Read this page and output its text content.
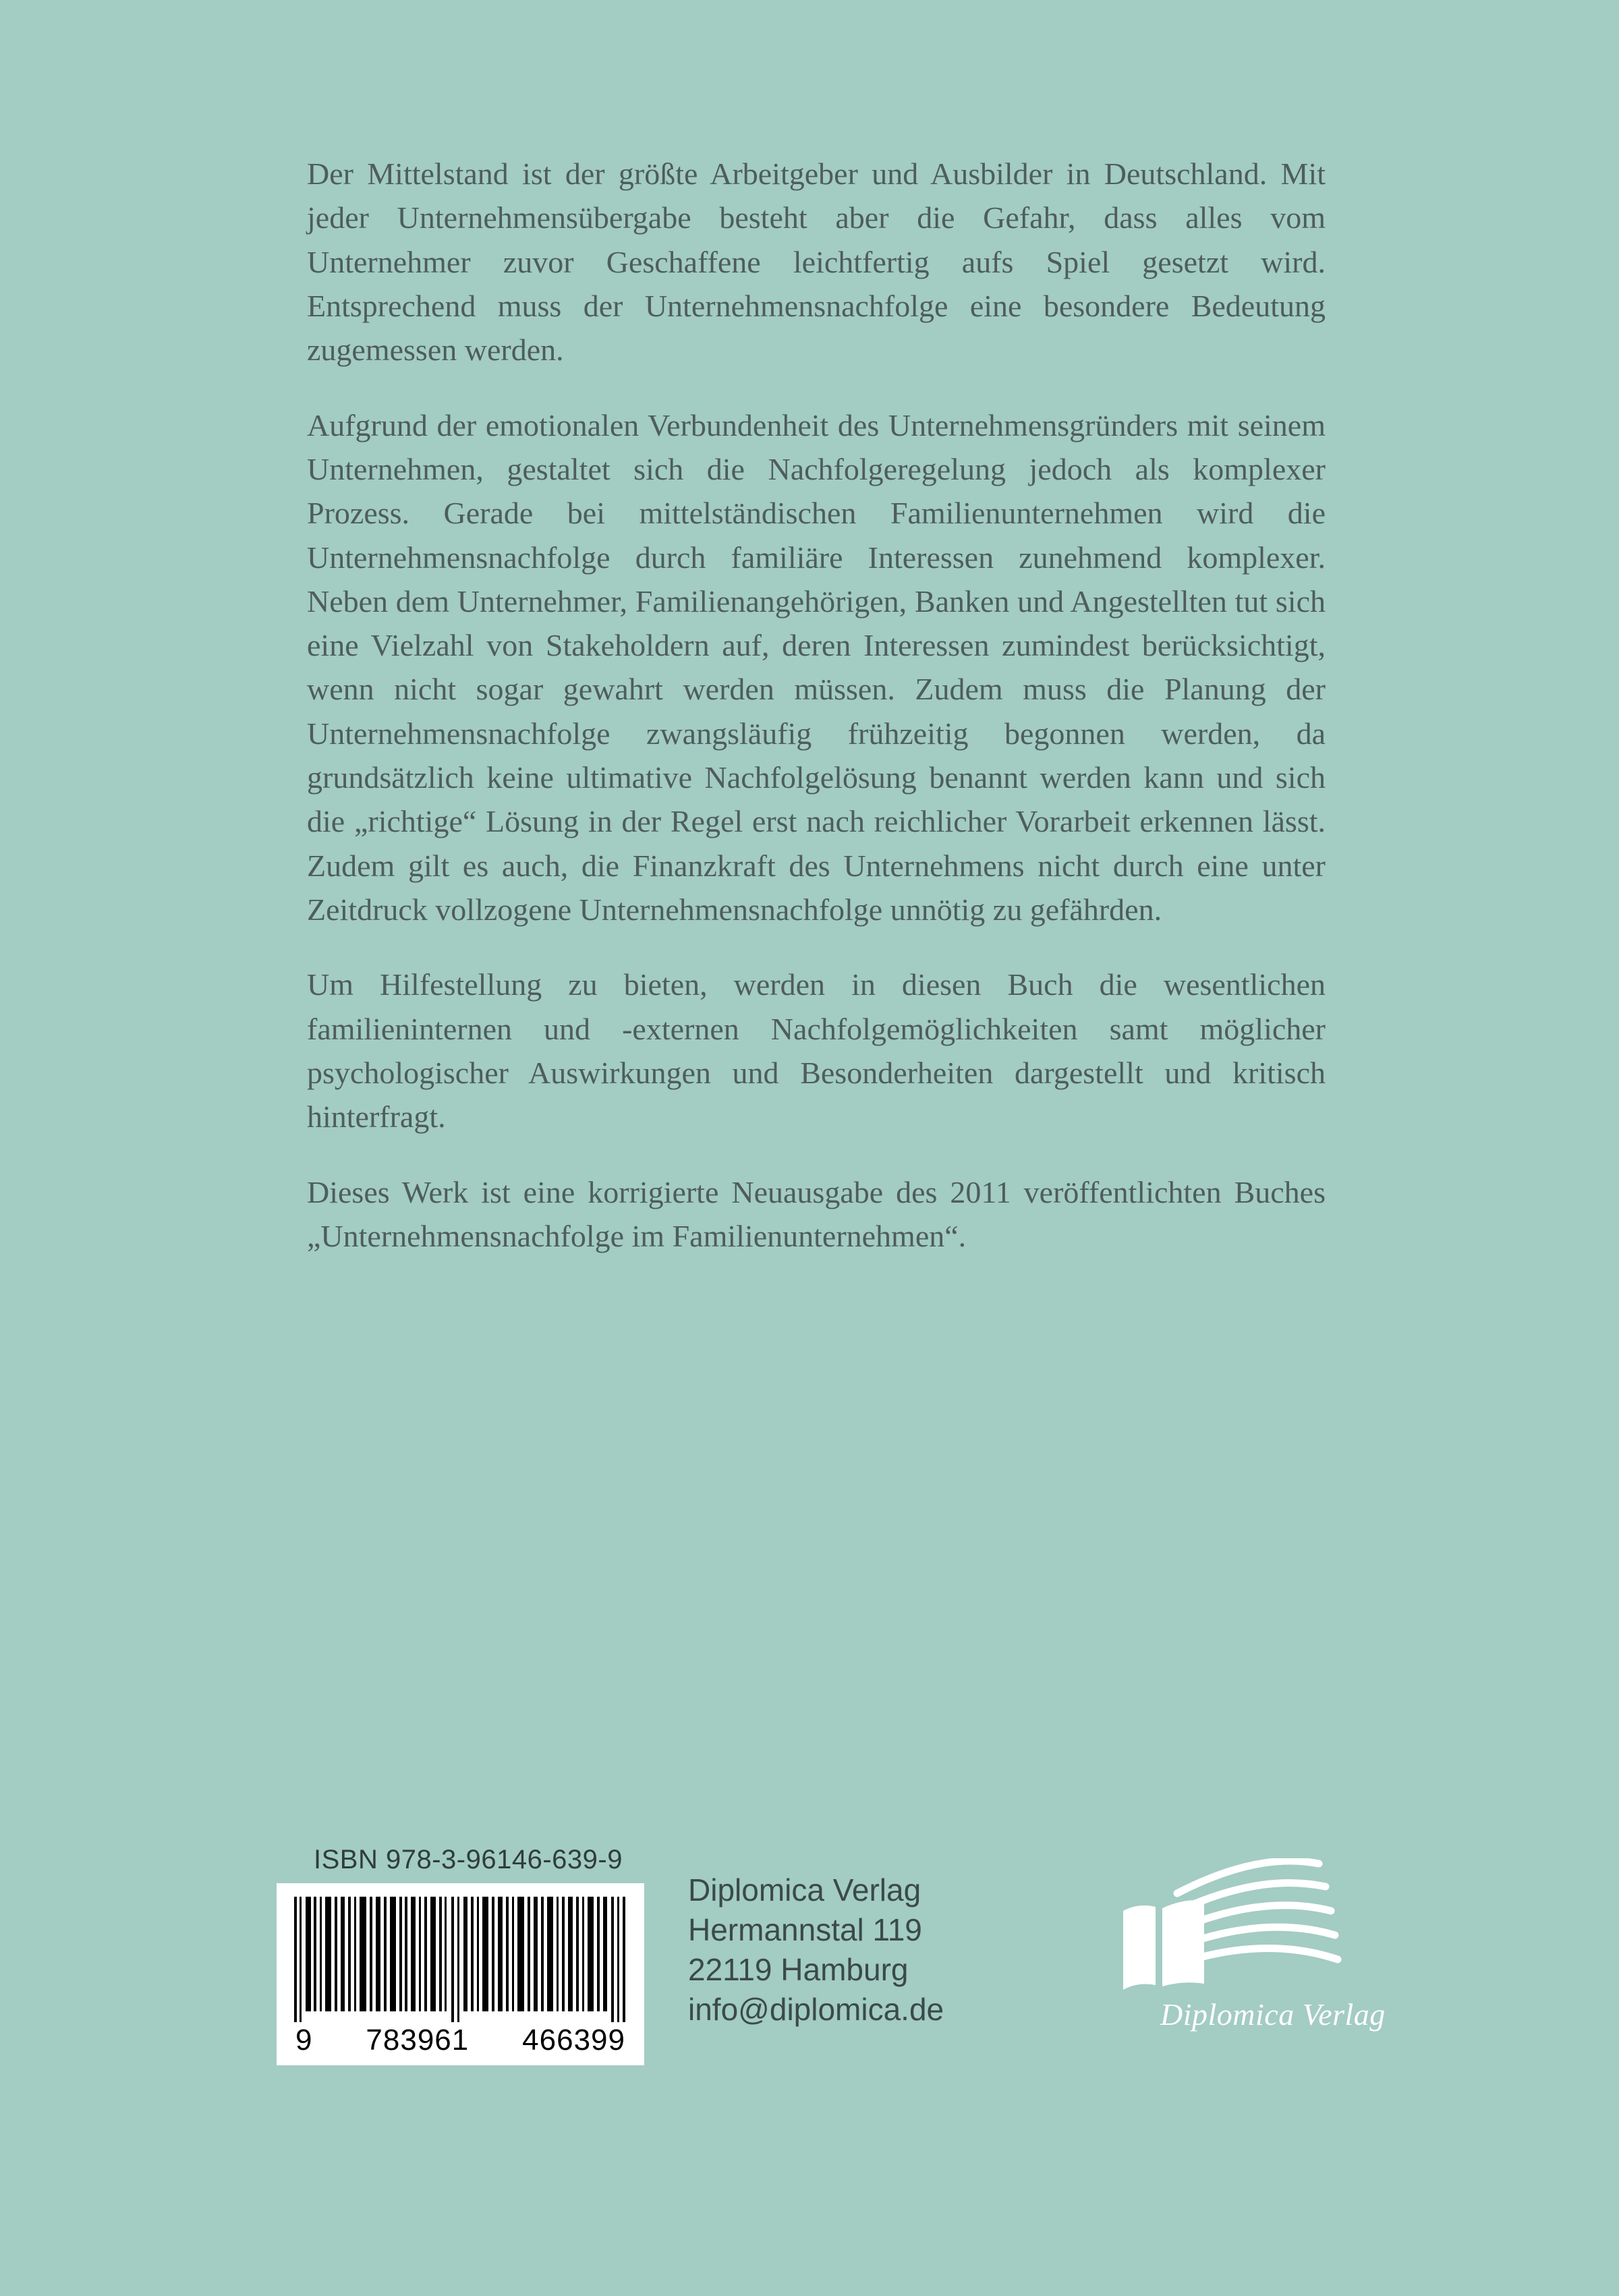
Der Mittelstand ist der größte Arbeitgeber und Ausbilder in Deutschland. Mit jeder Unternehmensübergabe besteht aber die Gefahr, dass alles vom Unternehmer zuvor Geschaffene leichtfertig aufs Spiel gesetzt wird. Entsprechend muss der Unternehmensnachfolge eine besondere Bedeutung zugemessen werden.

Aufgrund der emotionalen Verbundenheit des Unternehmensgründers mit seinem Unternehmen, gestaltet sich die Nachfolgeregelung jedoch als komplexer Prozess. Gerade bei mittelständischen Familienunternehmen wird die Unternehmensnachfolge durch familiäre Interessen zunehmend komplexer. Neben dem Unternehmer, Familienangehörigen, Banken und Angestellten tut sich eine Vielzahl von Stakeholdern auf, deren Interessen zumindest berücksichtigt, wenn nicht sogar gewahrt werden müssen. Zudem muss die Planung der Unternehmensnachfolge zwangsläufig frühzeitig begonnen werden, da grundsätzlich keine ultimative Nachfolgelösung benannt werden kann und sich die „richtige“ Lösung in der Regel erst nach reichlicher Vorarbeit erkennen lässt. Zudem gilt es auch, die Finanzkraft des Unternehmens nicht durch eine unter Zeitdruck vollzogene Unternehmensnachfolge unnötig zu gefährden.

Um Hilfestellung zu bieten, werden in diesen Buch die wesentlichen familieninternen und -externen Nachfolgemöglichkeiten samt möglicher psychologischer Auswirkungen und Besonderheiten dargestellt und kritisch hinterfragt.

Dieses Werk ist eine korrigierte Neuausgabe des 2011 veröffentlichten Buches „Unternehmensnachfolge im Familienunternehmen“.

ISBN 978-3-96146-639-9
9 783961 466399
Diplomica Verlag
Hermannstal 119
22119 Hamburg
info@diplomica.de	Diplomica Verlag
